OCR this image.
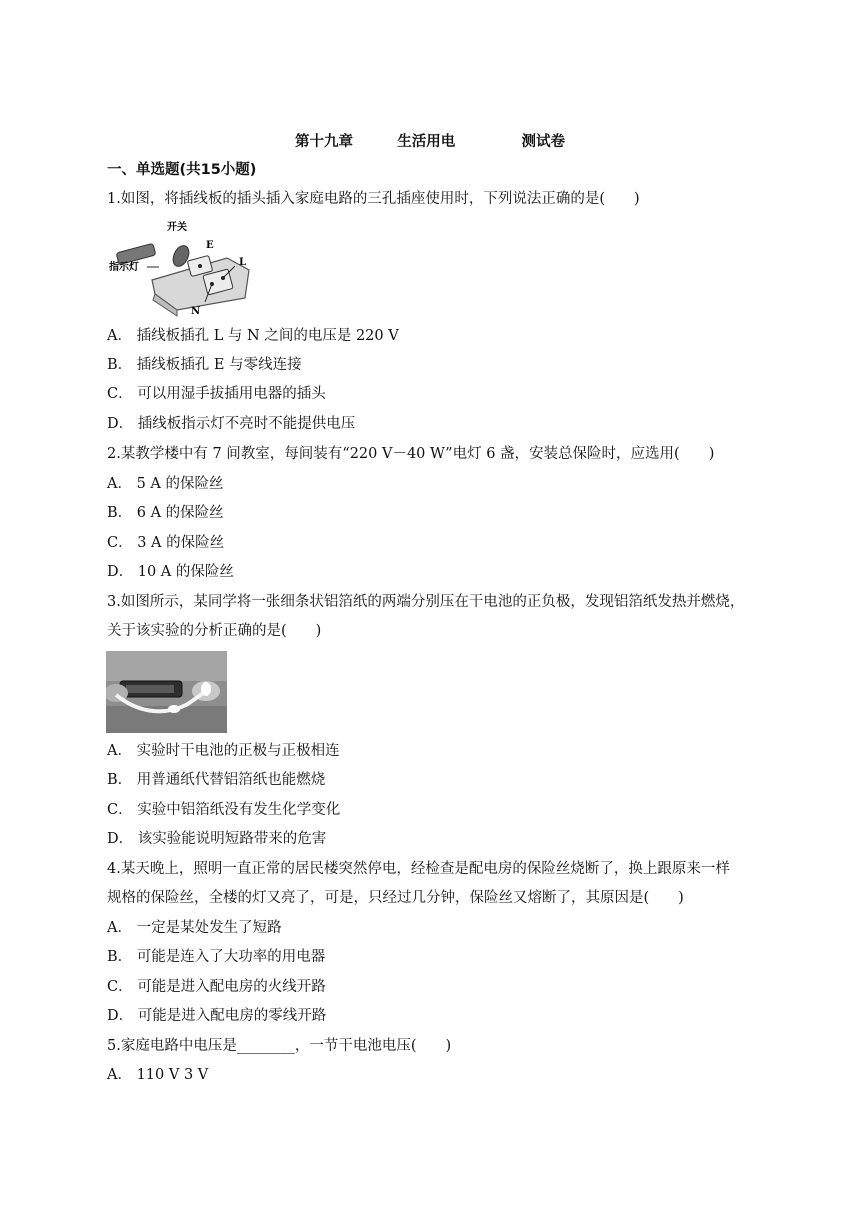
第十九章    生活用电      测试卷
一、单选题(共15小题)
1.如图，将插线板的插头插入家庭电路的三孔插座使用时，下列说法正确的是(　　)
开关
E
L
N
指示灯
A． 插线板插孔 L 与 N 之间的电压是 220 V
B． 插线板插孔 E 与零线连接
C． 可以用湿手拔插用电器的插头
D． 插线板指示灯不亮时不能提供电压
2.某教学楼中有 7 间教室，每间装有“220 V－40 W”电灯 6 盏，安装总保险时，应选用(　　)
A． 5 A 的保险丝
B． 6 A 的保险丝
C． 3 A 的保险丝
D． 10 A 的保险丝
3.如图所示，某同学将一张细条状铝箔纸的两端分别压在干电池的正负极，发现铝箔纸发热并燃烧，
关于该实验的分析正确的是(　　)
A． 实验时干电池的正极与正极相连
B． 用普通纸代替铝箔纸也能燃烧
C． 实验中铝箔纸没有发生化学变化
D． 该实验能说明短路带来的危害
4.某天晚上，照明一直正常的居民楼突然停电，经检查是配电房的保险丝烧断了，换上跟原来一样
规格的保险丝，全楼的灯又亮了，可是，只经过几分钟，保险丝又熔断了，其原因是(　　)
A． 一定是某处发生了短路
B． 可能是连入了大功率的用电器
C． 可能是进入配电房的火线开路
D． 可能是进入配电房的零线开路
5.家庭电路中电压是________，一节干电池电压(　　)
A． 110 V 3 V
